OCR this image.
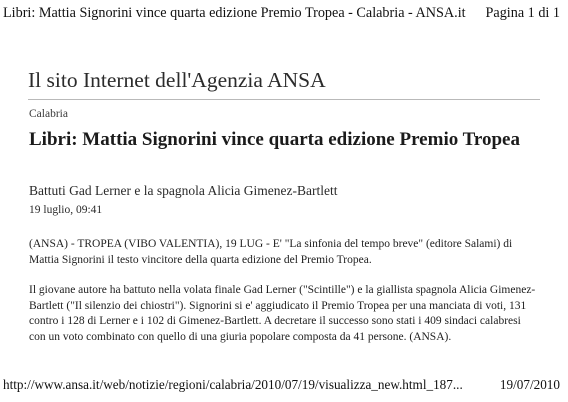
Libri: Mattia Signorini vince quarta edizione Premio Tropea - Calabria - ANSA.it Pagina 1 di 1
Il sito Internet dell'Agenzia ANSA
Calabria
Libri: Mattia Signorini vince quarta edizione Premio Tropea
Battuti Gad Lerner e la spagnola Alicia Gimenez-Bartlett
19 luglio, 09:41

(ANSA) - TROPEA (VIBO VALENTIA), 19 LUG - E' "La sinfonia del tempo breve" (editore Salami) di Mattia Signorini il testo vincitore della quarta edizione del Premio Tropea.

Il giovane autore ha battuto nella volata finale Gad Lerner ("Scintille") e la giallista spagnola Alicia Gimenez-Bartlett ("Il silenzio dei chiostri"). Signorini si e' aggiudicato il Premio Tropea per una manciata di voti, 131 contro i 128 di Lerner e i 102 di Gimenez-Bartlett. A decretare il successo sono stati i 409 sindaci calabresi con un voto combinato con quello di una giuria popolare composta da 41 persone. (ANSA).

http://www.ansa.it/web/notizie/regioni/calabria/2010/07/19/visualizza_new.html_187...	19/07/2010
